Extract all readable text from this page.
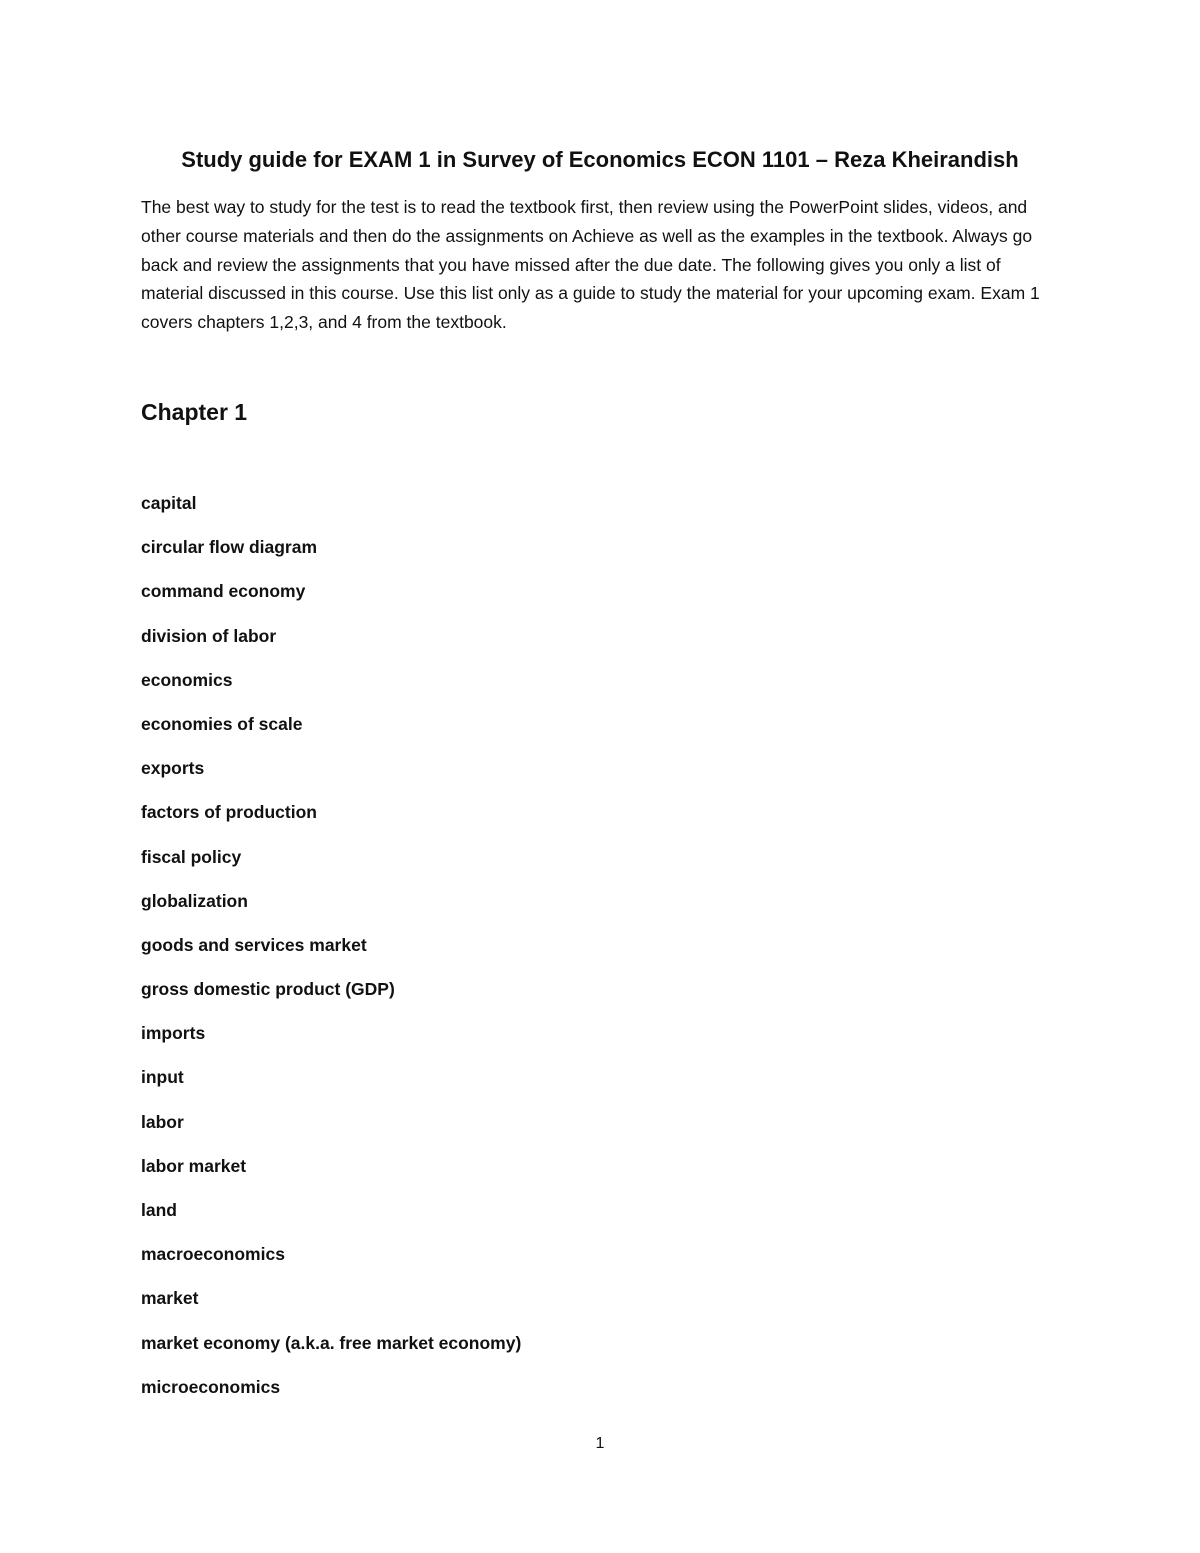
Study guide for EXAM 1 in Survey of Economics ECON 1101 – Reza Kheirandish

The best way to study for the test is to read the textbook first, then review using the PowerPoint slides, videos, and other course materials and then do the assignments on Achieve as well as the examples in the textbook. Always go back and review the assignments that you have missed after the due date. The following gives you only a list of material discussed in this course. Use this list only as a guide to study the material for your upcoming exam. Exam 1 covers chapters 1,2,3, and 4 from the textbook.

Chapter 1
capital
circular flow diagram
command economy
division of labor
economics
economies of scale
exports
factors of production
fiscal policy
globalization
goods and services market
gross domestic product (GDP)
imports
input
labor
labor market
land
macroeconomics
market
market economy (a.k.a. free market economy)
microeconomics
1
